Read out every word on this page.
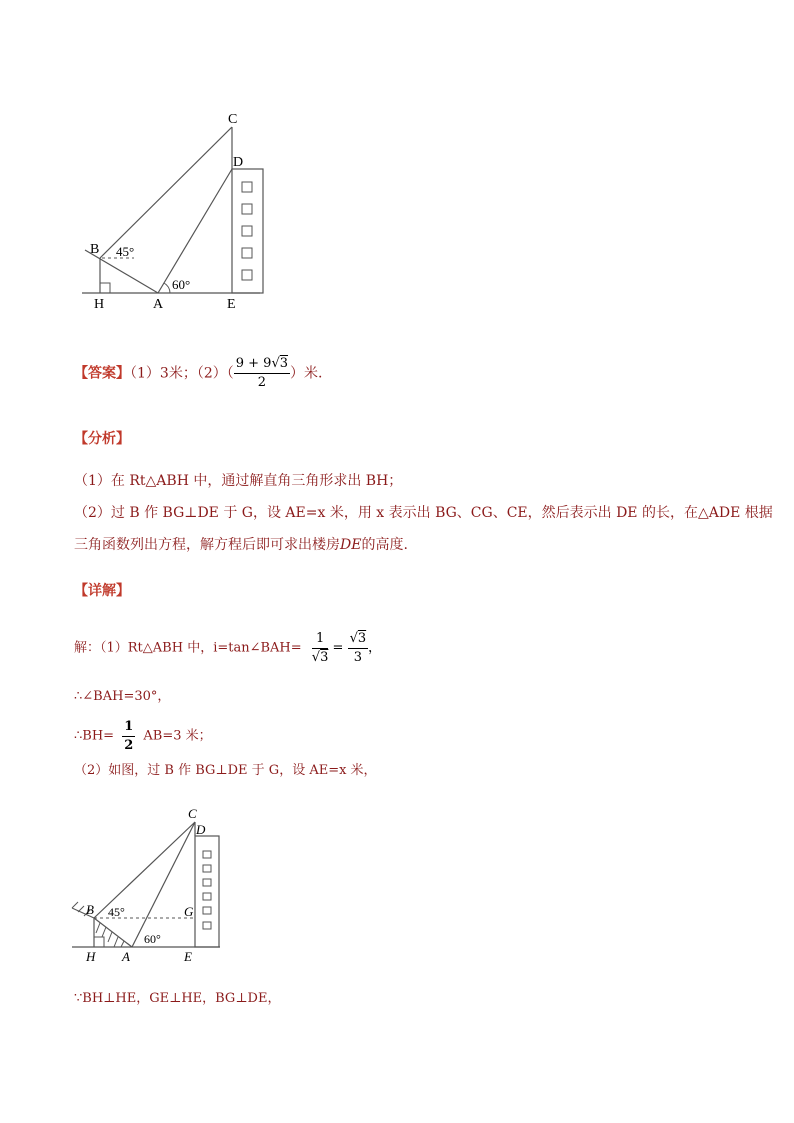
C
D
B 45°
60°
H	A	E
【答案】（1）3米；$(2)( \frac{9 + 9√3}{2}$ ）米.
【分析】
（1）在 Rt△ABH 中，通过解直角三角形求出 BH；
（2）过 B 作 BG⊥DE 于 G，设 AE=x 米，用 x 表示出 BG、CG、CE，然后表示出 DE 的长，在△ADE 根据
三角函数列出方程，解方程后即可求出楼房DE的高度.
【详解】
解：（1）Rt△ABH 中，i=tan∠BAH= $\frac{1}{√3} = \frac{√3}{3}$ ，
∴∠BAH=30°，
∴BH= $\frac{1}{2} AB=3$ 米；
（2）如图，过 B 作 BG⊥DE 于 G，设 AE=x 米，
C
D
B 45°	G
60°
H A	E
∵BH⊥HE，GE⊥HE，BG⊥DE，
